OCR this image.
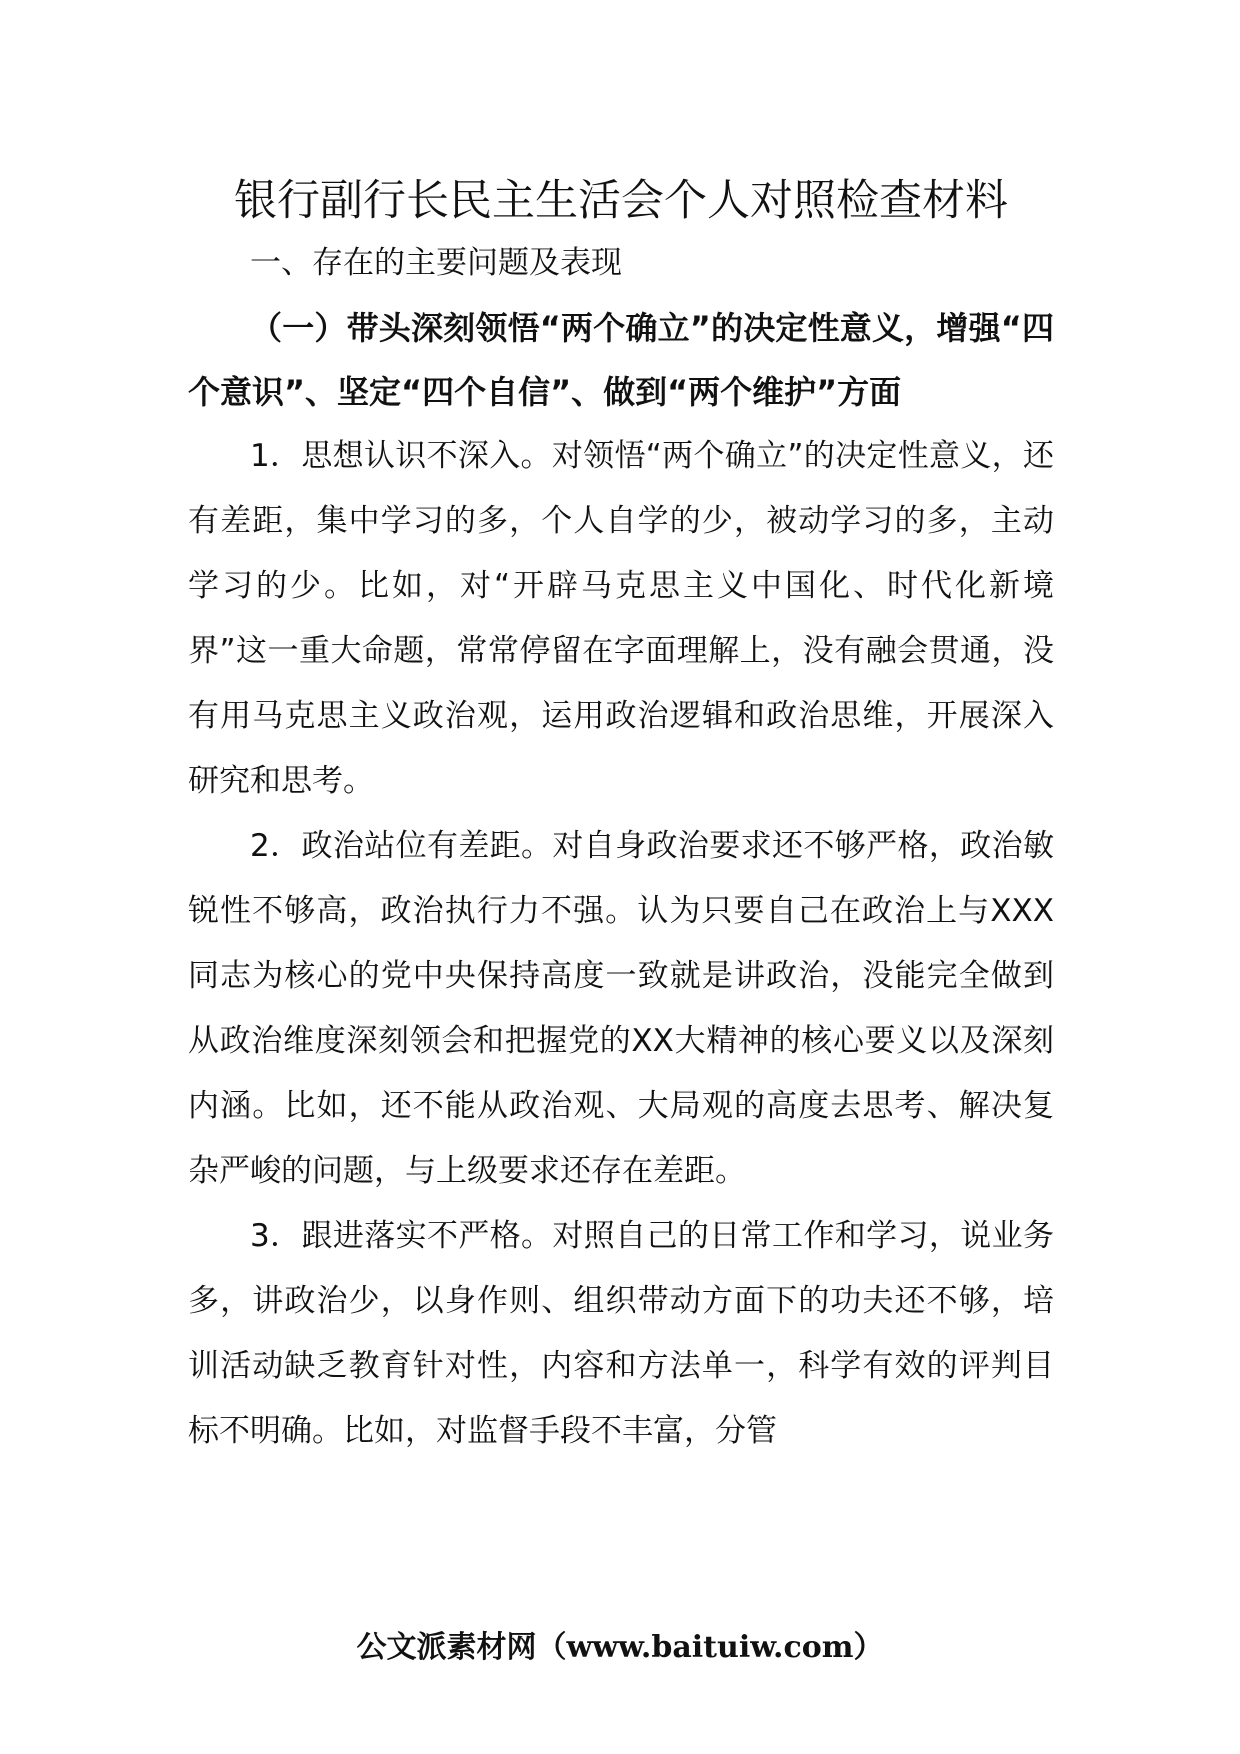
银行副行长民主生活会个人对照检查材料
一、存在的主要问题及表现
（一）带头深刻领悟“两个确立”的决定性意义，增强“四个意识”、坚定“四个自信”、做到“两个维护”方面
1．思想认识不深入。对领悟“两个确立”的决定性意义，还有差距，集中学习的多，个人自学的少，被动学习的多，主动学习的少。比如，对“开辟马克思主义中国化、时代化新境界”这一重大命题，常常停留在字面理解上，没有融会贯通，没有用马克思主义政治观，运用政治逻辑和政治思维，开展深入研究和思考。
2．政治站位有差距。对自身政治要求还不够严格，政治敏锐性不够高，政治执行力不强。认为只要自己在政治上与XXX同志为核心的党中央保持高度一致就是讲政治，没能完全做到从政治维度深刻领会和把握党的XX大精神的核心要义以及深刻内涵。比如，还不能从政治观、大局观的高度去思考、解决复杂严峻的问题，与上级要求还存在差距。
3．跟进落实不严格。对照自己的日常工作和学习，说业务多，讲政治少，以身作则、组织带动方面下的功夫还不够，培训活动缺乏教育针对性，内容和方法单一，科学有效的评判目标不明确。比如，对监督手段不丰富，分管
公文派素材网（www.baituiw.com）
